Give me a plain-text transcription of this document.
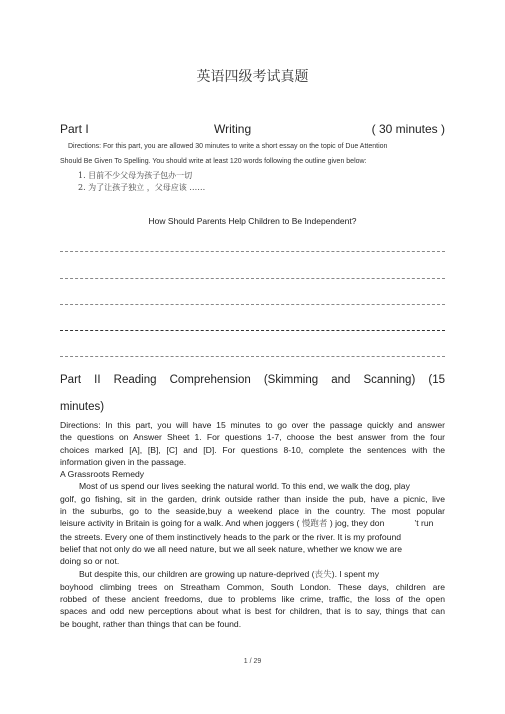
英语四级考试真题
Part I	Writing	( 30 minutes )
Directions: For this part, you are allowed 30 minutes to write a short essay on the topic of Due Attention
Should Be Given To Spelling. You should write at least 120 words following the outline given below:
1. 目前不少父母为孩子包办一切
2. 为了让孩子独立 ，父母应该 ……
How Should Parents Help Children to Be Independent?
Part II Reading Comprehension (Skimming and Scanning) (15
minutes)

Directions: In this part, you will have 15 minutes to go over the passage quickly and answer

the questions on Answer Sheet 1. For questions 1-7, choose the best answer from the four

choices marked [A], [B], [C] and [D]. For questions 8-10, complete the sentences with the

information given in the passage.

A Grassroots Remedy

Most of us spend our lives seeking the natural world. To this end, we walk the dog, play

golf, go fishing, sit in the garden, drink outside rather than inside the pub, have a picnic, live

in the suburbs, go to the seaside,buy a weekend place in the country. The most popular

leisure activity in Britain is going for a walk. And when joggers ( 慢跑者 ) jog, they don	’t run

the streets. Every one of them instinctively heads to the park or the river. It is my profound

belief that not only do we all need nature, but we all seek nature, whether we know we are

doing so or not.

But despite this, our children are growing up nature-deprived (丧失). I spent my

boyhood climbing trees on Streatham Common, South London. These days, children are

robbed of these ancient freedoms, due to problems like crime, traffic, the loss of the open

spaces and odd new perceptions about what is best for children, that is to say, things that can

be bought, rather than things that can be found.

1 / 29
